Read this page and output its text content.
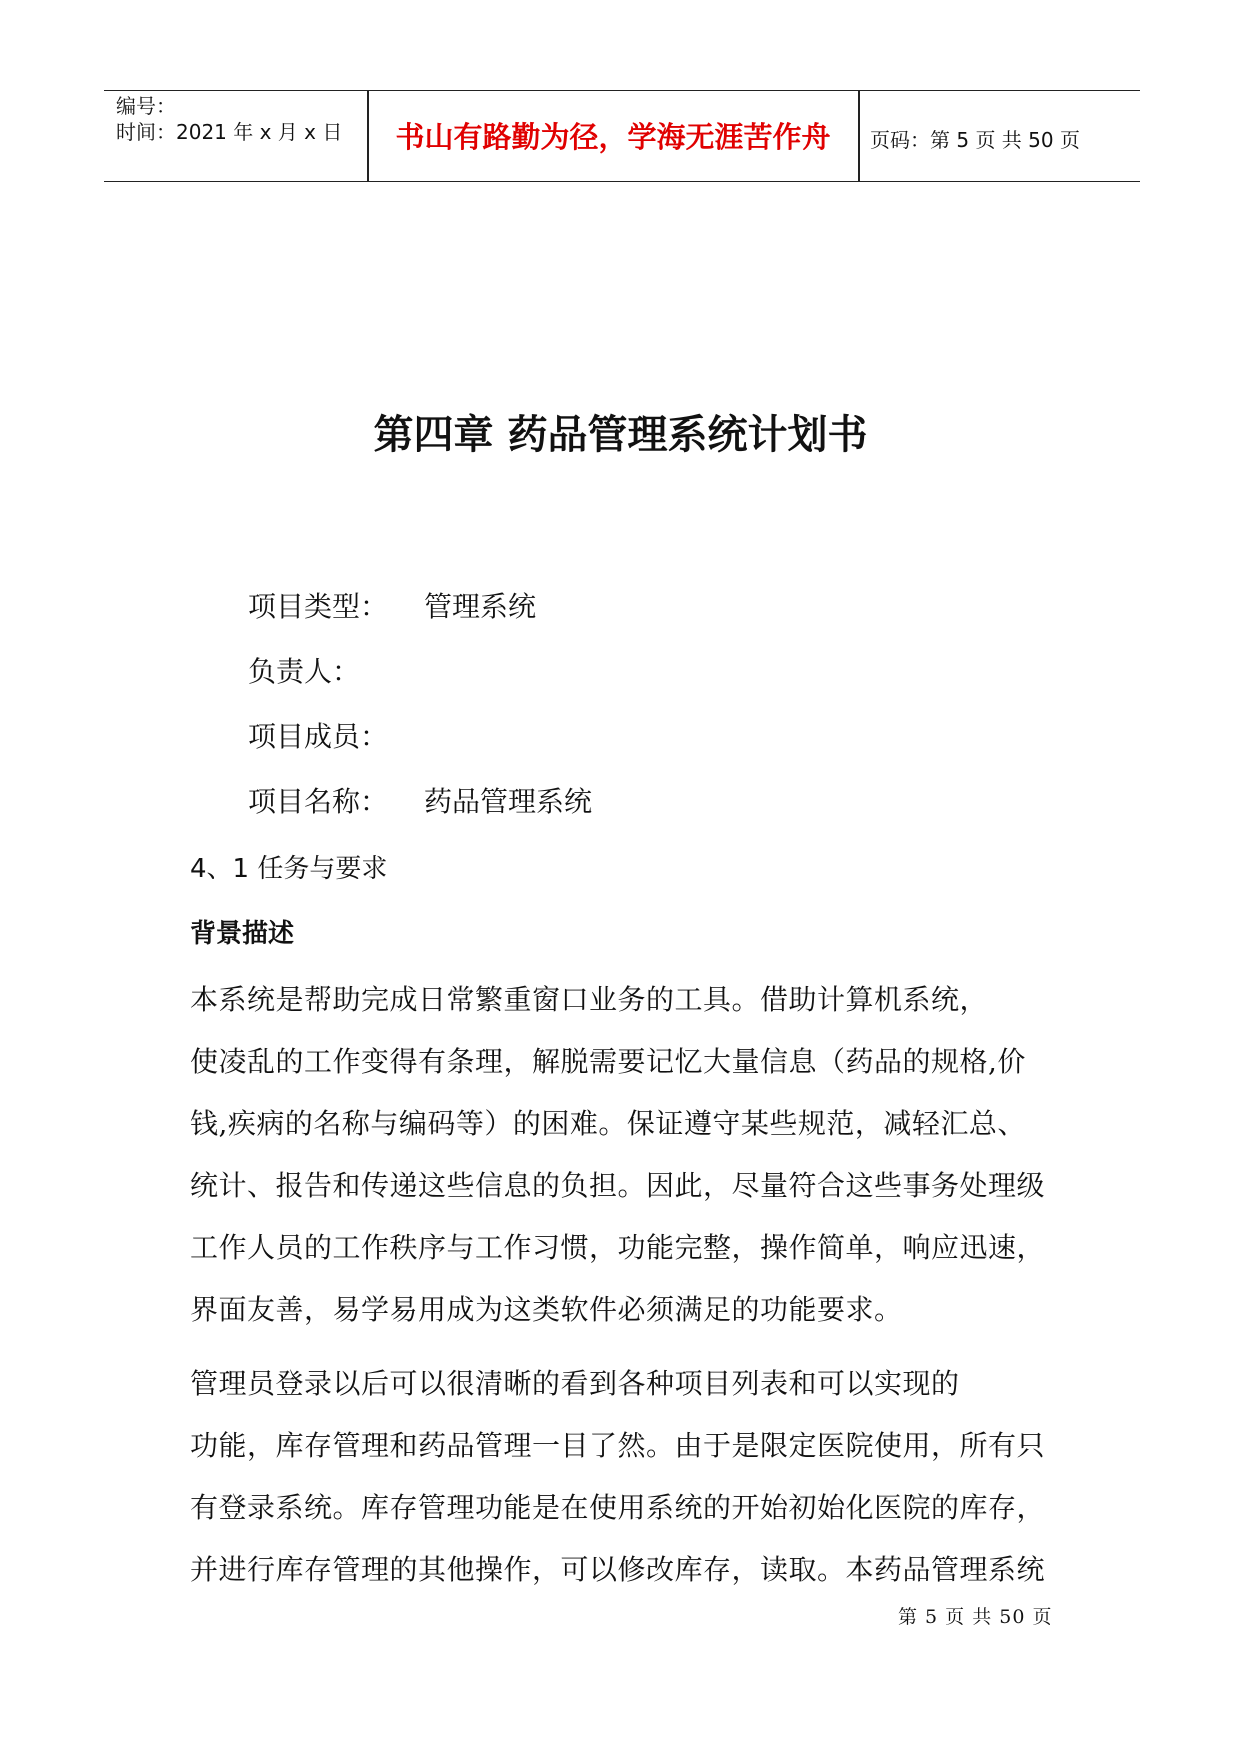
编号：
时间：2021 年 x 月 x 日	书山有路勤为径，学海无涯苦作舟	页码：第 5 页 共 50 页
第四章 药品管理系统计划书
项目类型： 管理系统
负责人：
项目成员：
项目名称： 药品管理系统
4、1 任务与要求
背景描述
本系统是帮助完成日常繁重窗口业务的工具。借助计算机系统，
使凌乱的工作变得有条理，解脱需要记忆大量信息（药品的规格,价
钱,疾病的名称与编码等）的困难。保证遵守某些规范，减轻汇总、
统计、报告和传递这些信息的负担。因此，尽量符合这些事务处理级
工作人员的工作秩序与工作习惯，功能完整，操作简单，响应迅速，
界面友善，易学易用成为这类软件必须满足的功能要求。
管理员登录以后可以很清晰的看到各种项目列表和可以实现的
功能，库存管理和药品管理一目了然。由于是限定医院使用，所有只
有登录系统。库存管理功能是在使用系统的开始初始化医院的库存，
并进行库存管理的其他操作，可以修改库存，读取。本药品管理系统
第 5 页 共 50 页
